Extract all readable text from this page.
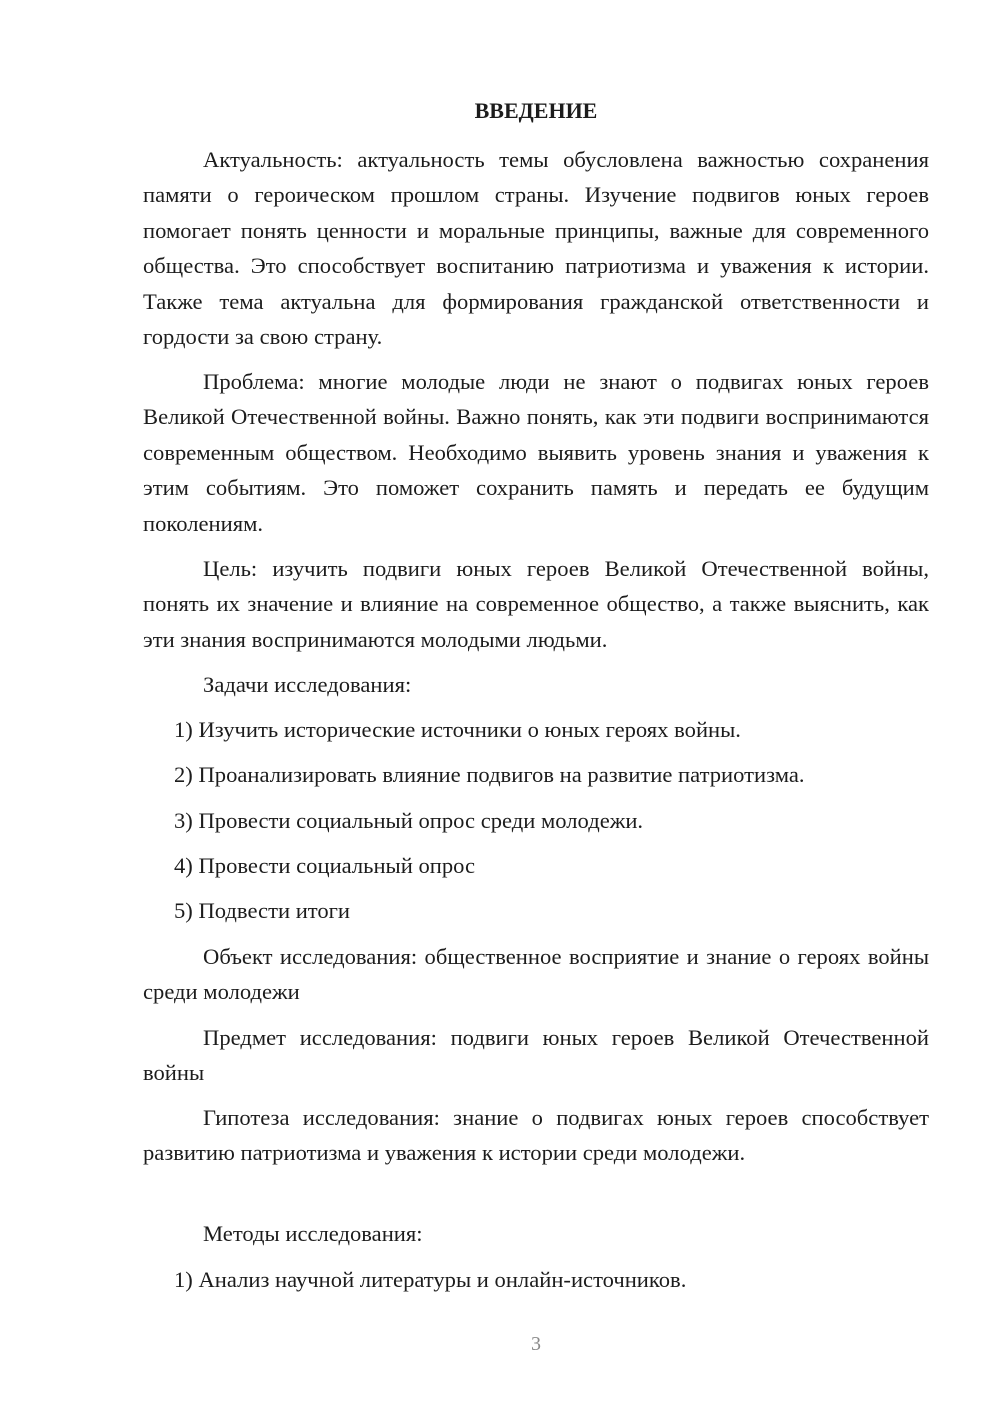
ВВЕДЕНИЕ

Актуальность: актуальность темы обусловлена важностью сохранения памяти о героическом прошлом страны. Изучение подвигов юных героев помогает понять ценности и моральные принципы, важные для современного общества. Это способствует воспитанию патриотизма и уважения к истории. Также тема актуальна для формирования гражданской ответственности и гордости за свою страну.

Проблема: многие молодые люди не знают о подвигах юных героев Великой Отечественной войны. Важно понять, как эти подвиги воспринимаются современным обществом. Необходимо выявить уровень знания и уважения к этим событиям. Это поможет сохранить память и передать ее будущим поколениям.

Цель: изучить подвиги юных героев Великой Отечественной войны, понять их значение и влияние на современное общество, а также выяснить, как эти знания воспринимаются молодыми людьми.

Задачи исследования:

1) Изучить исторические источники о юных героях войны.

2) Проанализировать влияние подвигов на развитие патриотизма.

3) Провести социальный опрос среди молодежи.

4) Провести социальный опрос

5) Подвести итоги

Объект исследования: общественное восприятие и знание о героях войны среди молодежи

Предмет исследования: подвиги юных героев Великой Отечественной войны

Гипотеза исследования: знание о подвигах юных героев способствует развитию патриотизма и уважения к истории среди молодежи.

Методы исследования:

1) Анализ научной литературы и онлайн-источников.

3
